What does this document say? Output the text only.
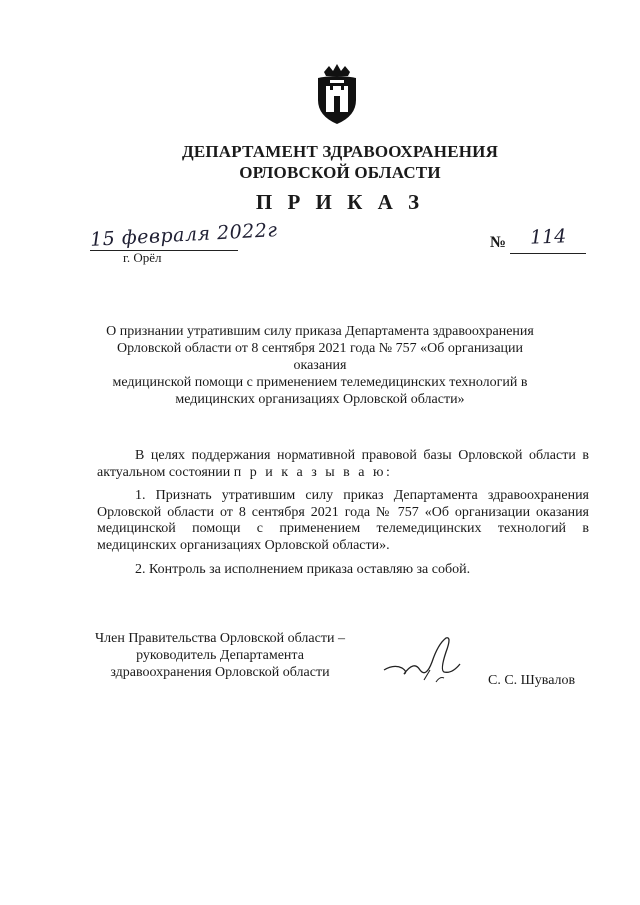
ДЕПАРТАМЕНТ ЗДРАВООХРАНЕНИЯ
ОРЛОВСКОЙ ОБЛАСТИ
П Р И К А З
15 февраля 2022г
г. Орёл
№ 114
О признании утратившим силу приказа Департамента здравоохранения
Орловской области от 8 сентября 2021 года № 757 «Об организации оказания
медицинской помощи с применением телемедицинских технологий в
медицинских организациях Орловской области»
В целях поддержания нормативной правовой базы Орловской области в актуальном состоянии п р и к а з ы в а ю:
1. Признать утратившим силу приказ Департамента здравоохранения Орловской области от 8 сентября 2021 года № 757 «Об организации оказания медицинской помощи с применением телемедицинских технологий в медицинских организациях Орловской области».
2. Контроль за исполнением приказа оставляю за собой.
Член Правительства Орловской области –
руководитель Департамента
здравоохранения Орловской области
С. С. Шувалов
